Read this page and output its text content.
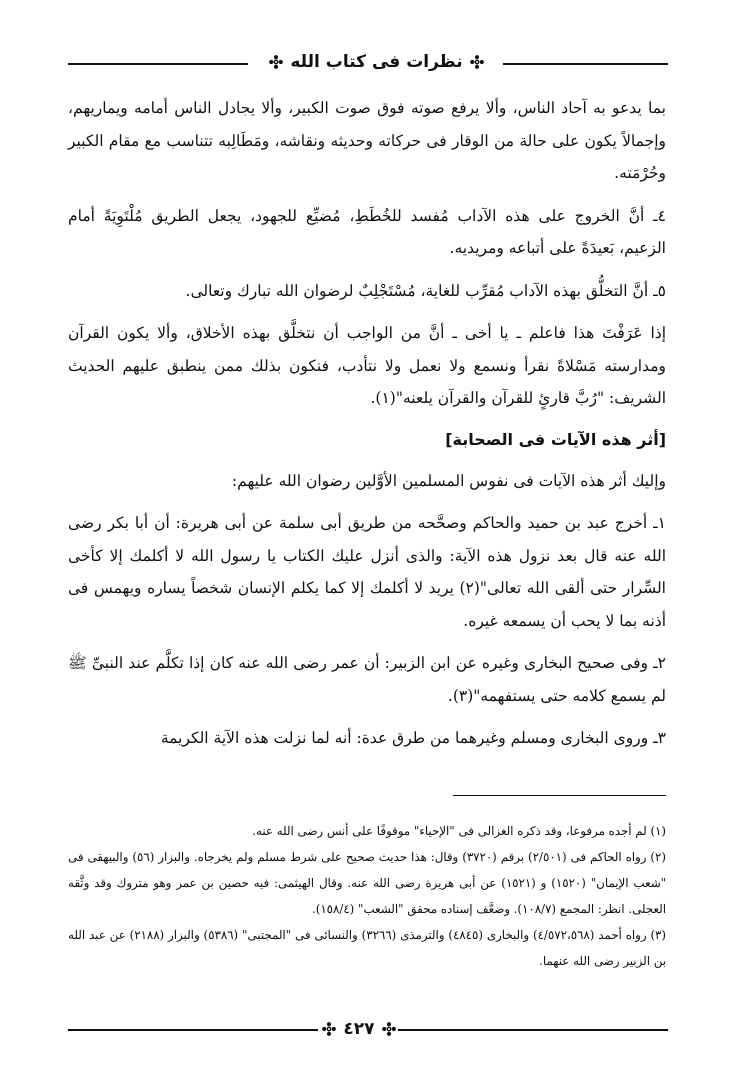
نظرات فى كتاب الله

بما يدعو به آحاد الناس، وألا يرفع صوته فوق صوت الكبير، وألا يجادل الناس أمامه ويماريهم، وإجمالاً يكون على حالة من الوقار فى حركاته وحديثه ونقاشه، ومَطَالِبه تتناسب مع مقام الكبير وحُرْمَته.

٤ـ أنَّ الخروج على هذه الآداب مُفسد للخُطَطِ، مُضيِّع للجهود، يجعل الطريق مُلْتَوِيَةً أمام الزعيم، بَعيدَةً على أتباعه ومريديه.

٥ـ أنَّ التخلُّق بهذه الآداب مُقرِّب للغاية، مُسْتَجْلِبٌ لرضوان الله تبارك وتعالى.

إذا عَرَفْتَ هذا فاعلم ـ يا أخى ـ أنَّ من الواجب أن نتخلَّق بهذه الأخلاق، وألا يكون القرآن ومدارسته مَسْلاةً نقرأ ونسمع ولا نعمل ولا نتأدب، فنكون بذلك ممن ينطبق عليهم الحديث الشريف: "رُبَّ قارئٍ للقرآن والقرآن يلعنه"(١).

[أثر هذه الآيات فى الصحابة]

وإليك أثر هذه الآيات فى نفوس المسلمين الأوَّلين رضوان الله عليهم:

١ـ أخرج عبد بن حميد والحاكم وصحَّحه من طريق أبى سلمة عن أبى هريرة: أن أبا بكر رضى الله عنه قال بعد نزول هذه الآية: والذى أنزل عليك الكتاب يا رسول الله لا أكلمك إلا كأخى السِّرار حتى ألقى الله تعالى"(٢) يريد لا أكلمك إلا كما يكلم الإنسان شخصاً يساره ويهمس فى أذنه بما لا يحب أن يسمعه غيره.

٢ـ وفى صحيح البخارى وغيره عن ابن الزبير: أن عمر رضى الله عنه كان إذا تكلَّم عند النبىِّ ﷺ لم يسمع كلامه حتى يستفهمه"(٣).

٣ـ وروى البخارى ومسلم وغيرهما من طرق عدة: أنه لما نزلت هذه الآية الكريمة

(١) لم أجده مرفوعا، وقد ذكره الغزالى فى "الإحياء" موقوفًا على أنس رضى الله عنه.

(٢) رواه الحاكم فى (٢/٥٠١) برقم (٣٧٢٠) وقال: هذا حديث صحيح على شرط مسلم ولم يخرجاه. والبزار (٥٦) والبيهقى فى "شعب الإيمان" (١٥٢٠) و (١٥٢١) عن أبى هريرة رضى الله عنه. وقال الهيثمى: فيه حصين بن عمر وهو متروك وقد وثَّقه العجلى. انظر: المجمع (١٠٨/٧). وضعَّف إسناده محقق "الشعب" (١٥٨/٤).

(٣) رواه أحمد (٤/٥٧٢،٥٦٨) والبخارى (٤٨٤٥) والترمذى (٣٢٦٦) والنسائى فى "المجتبى" (٥٣٨٦) والبزار (٢١٨٨) عن عبد الله بن الزبير رضى الله عنهما.

٤٢٧
